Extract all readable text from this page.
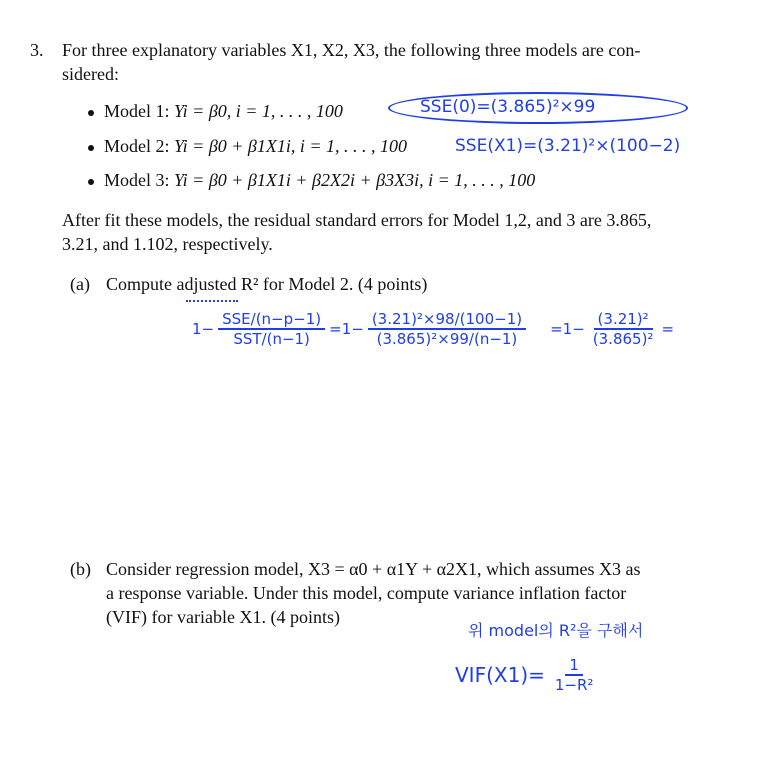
3. For three explanatory variables X1, X2, X3, the following three models are con-
sidered:
Model 1: Yi = β0, i = 1, . . . , 100
Model 2: Yi = β0 + β1X1i, i = 1, . . . , 100
Model 3: Yi = β0 + β1X1i + β2X2i + β3X3i, i = 1, . . . , 100
SSE(0)=(3.865)²×99
SSE(X1)=(3.21)²×(100−2)
After fit these models, the residual standard errors for Model 1,2, and 3 are 3.865,
3.21, and 1.102, respectively.
(a) Compute adjusted R² for Model 2. (4 points)
$1- \frac{\text{SSE/(n−p−1)}}{\text{SST/(n−1)}} =1- \frac{\text{(3.21)²×98/(100−1)}}{\text{(3.865)²×99/(n−1)}} =1- \frac{\text{(3.21)²}}{\text{(3.865)²}}$ =
(b) Consider regression model, X3 = α0 + α1Y + α2X1, which assumes X3 as
a response variable. Under this model, compute variance inflation factor
(VIF) for variable X1. (4 points)
위 model의 R²을 구해서
$VIF(X1)= \frac{1}{\text{1−R²}}$
